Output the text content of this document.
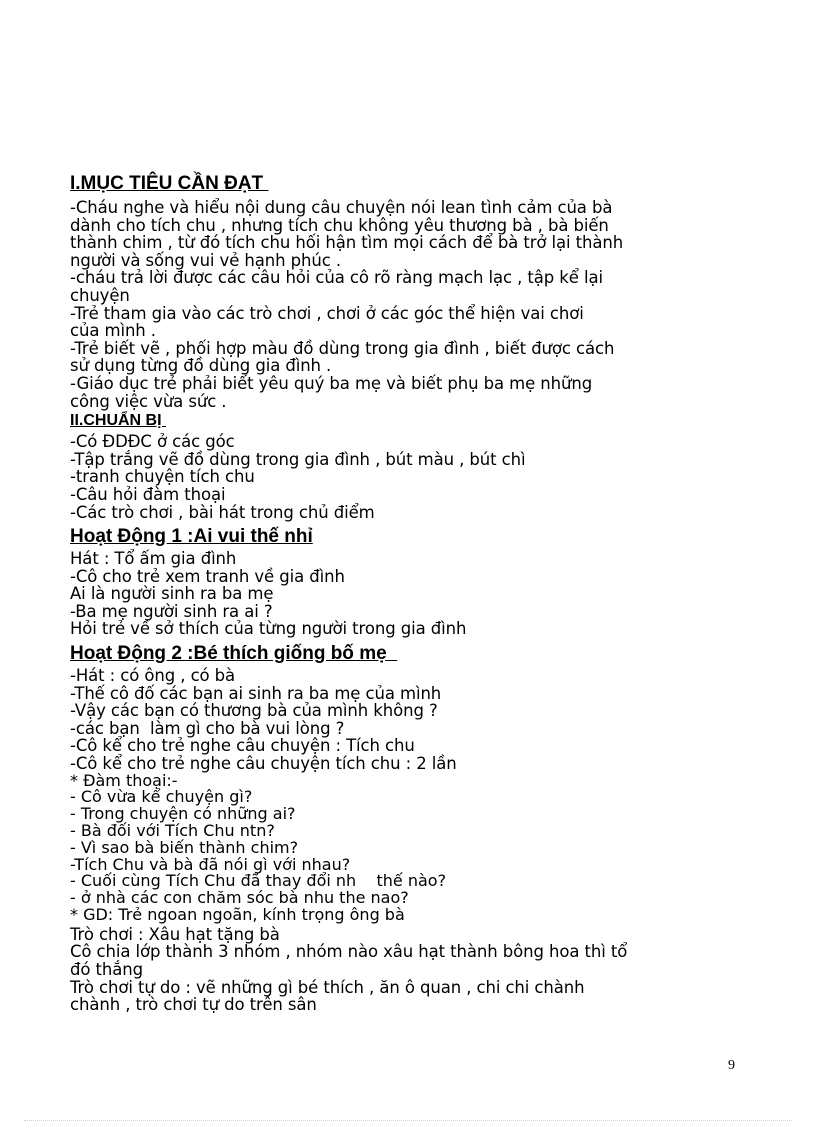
I.MỤC TIÊU CẦN ĐẠT
-Cháu nghe và hiểu nội dung câu chuyện nói lean tình cảm của bà
dành cho tích chu , nhưng tích chu không yêu thương bà , bà biến
thành chim , từ đó tích chu hối hận tìm mọi cách để bà trở lại thành
người và sống vui vẻ hạnh phúc .
-cháu trả lời được các câu hỏi của cô rõ ràng mạch lạc , tập kể lại
chuyện
-Trẻ tham gia vào các trò chơi , chơi ở các góc thể hiện vai chơi
của mình .
-Trẻ biết vẽ , phối hợp màu đồ dùng trong gia đình , biết được cách
sử dụng từng đồ dùng gia đình .
-Giáo dục trẻ phải biết yêu quý ba mẹ và biết phụ ba mẹ những
công việc vừa sức .
II.CHUẨN BỊ
-Có ĐDĐC ở các góc
-Tập trắng vẽ đồ dùng trong gia đình , bút màu , bút chì
-tranh chuyện tích chu
-Câu hỏi đàm thoại
-Các trò chơi , bài hát trong chủ điểm
Hoạt Động 1 :Ai vui thế nhỉ
Hát : Tổ ấm gia đình
-Cô cho trẻ xem tranh về gia đình
Ai là người sinh ra ba mẹ
-Ba mẹ người sinh ra ai ?
Hỏi trẻ về sở thích của từng người trong gia đình
Hoạt Động 2 :Bé thích giống bố mẹ
-Hát : có ông , có bà
-Thế cô đố các bạn ai sinh ra ba mẹ của mình
-Vậy các bạn có thương bà của mình không ?
-các bạn  làm gì cho bà vui lòng ?
-Cô kể cho trẻ nghe câu chuyện : Tích chu
-Cô kể cho trẻ nghe câu chuyện tích chu : 2 lần
* Đàm thoại:-
- Cô vừa kể chuyện gì?
- Trong chuyện có những ai?
- Bà đối với Tích Chu ntn?
- Vì sao bà biến thành chim?
-Tích Chu và bà đã nói gì với nhau?
- Cuối cùng Tích Chu đã thay đổi nh    thế nào?
- ở nhà các con chăm sóc bà nhu the nao?
* GD: Trẻ ngoan ngoãn, kính trọng ông bà
Trò chơi : Xâu hạt tặng bà
Cô chia lớp thành 3 nhóm , nhóm nào xâu hạt thành bông hoa thì tổ
đó thắng
Trò chơi tự do : vẽ những gì bé thích , ăn ô quan , chi chi chành
chành , trò chơi tự do trên sân
9
